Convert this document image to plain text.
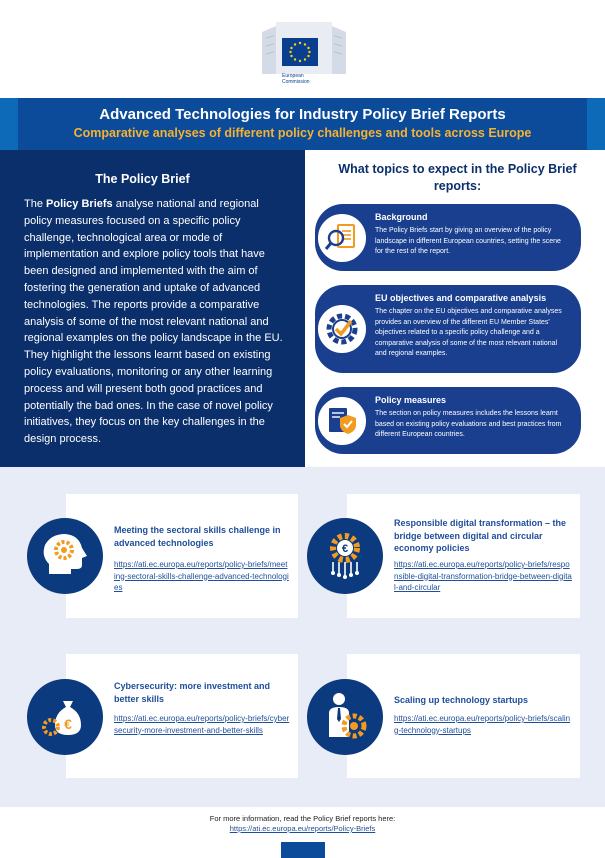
European
Commission
Advanced Technologies for Industry Policy Brief Reports
Comparative analyses of different policy challenges and tools across Europe
The Policy Brief
The Policy Briefs analyse national and regional policy measures focused on a specific policy challenge, technological area or mode of implementation and explore policy tools that have been designed and implemented with the aim of fostering the generation and uptake of advanced technologies. The reports provide a comparative analysis of some of the most relevant national and regional examples on the policy landscape in the EU. They highlight the lessons learnt based on existing policy evaluations, monitoring or any other learning process and will present both good practices and potentially the bad ones. In the case of novel policy initiatives, they focus on the key challenges in the design process.
What topics to expect in the Policy Brief reports:
Background
The Policy Briefs start by giving an overview of the policy landscape in different European countries, setting the scene for the rest of the report.
EU objectives and comparative analysis
The chapter on the EU objectives and comparative analyses provides an overview of the different EU Member States' objectives related to a specific policy challenge and a comparative analysis of some of the most relevant national and regional examples.
Policy measures
The section on policy measures includes the lessons learnt based on existing policy evaluations and best practices from different European countries.
Meeting the sectoral skills challenge in advanced technologies
https://ati.ec.europa.eu/reports/policy-briefs/meeting-sectoral-skills-challenge-advanced-technologies
€
Responsible digital transformation – the bridge between digital and circular economy policies
https://ati.ec.europa.eu/reports/policy-briefs/responsible-digital-transformation-bridge-between-digital-and-circular
€
Cybersecurity: more investment and better skills
https://ati.ec.europa.eu/reports/policy-briefs/cybersecurity-more-investment-and-better-skills
Scaling up technology startups
https://ati.ec.europa.eu/reports/policy-briefs/scaling-technology-startups
For more information, read the Policy Brief reports here:
https://ati.ec.europa.eu/reports/Policy-Briefs
